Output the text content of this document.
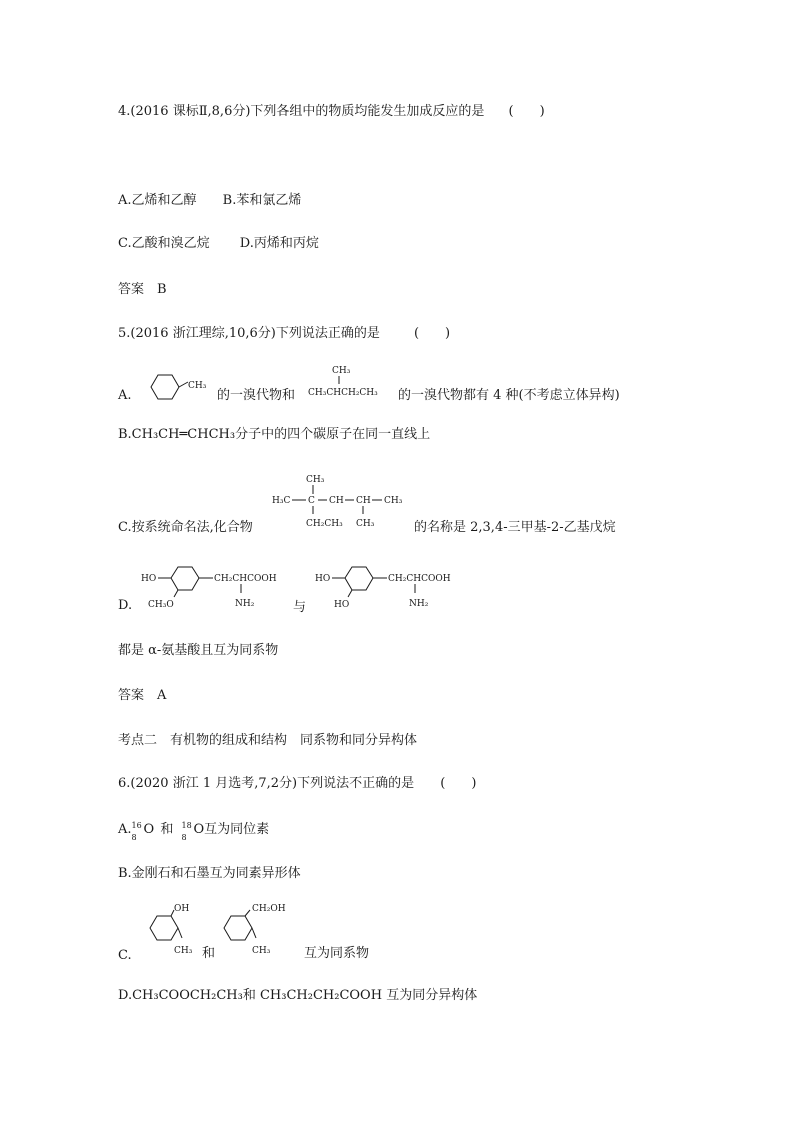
4.(2016 课标Ⅱ,8,6分)下列各组中的物质均能发生加成反应的是 (　　)
A.乙烯和乙醇 B.苯和氯乙烯
C.乙酸和溴乙烷 D.丙烯和丙烷
答案　B
5.(2016 浙江理综,10,6分)下列说法正确的是	(　　)
A.
CH₃
的一溴代物和
CH₃
CH₃CHCH₂CH₃ 的一溴代物都有 4 种(不考虑立体异构)
B.CH₃CH═CHCH₃分子中的四个碳原子在同一直线上
C.按系统命名法,化合物
CH₃
H₃C C CH CH CH₃
CH₂CH₃ CH₃	的名称是 2,3,4-三甲基-2-乙基戊烷
D.
HO
CH₃O
CH₂CHCOOH
NH₂	与
HO
HO
CH₂CHCOOH
NH₂
都是 α-氨基酸且互为同系物
答案　A
考点二　有机物的组成和结构　同系物和同分异构体
6.(2020 浙江 1 月选考,7,2分)下列说法不正确的是 (　　)
A. 16
8
O 和 18
8
O互为同位素
B.金刚石和石墨互为同素异形体
C.
OH
CH₃ 和
CH₂OH
CH₃	互为同系物
D.CH₃COOCH₂CH₃和 CH₃CH₂CH₂COOH 互为同分异构体
